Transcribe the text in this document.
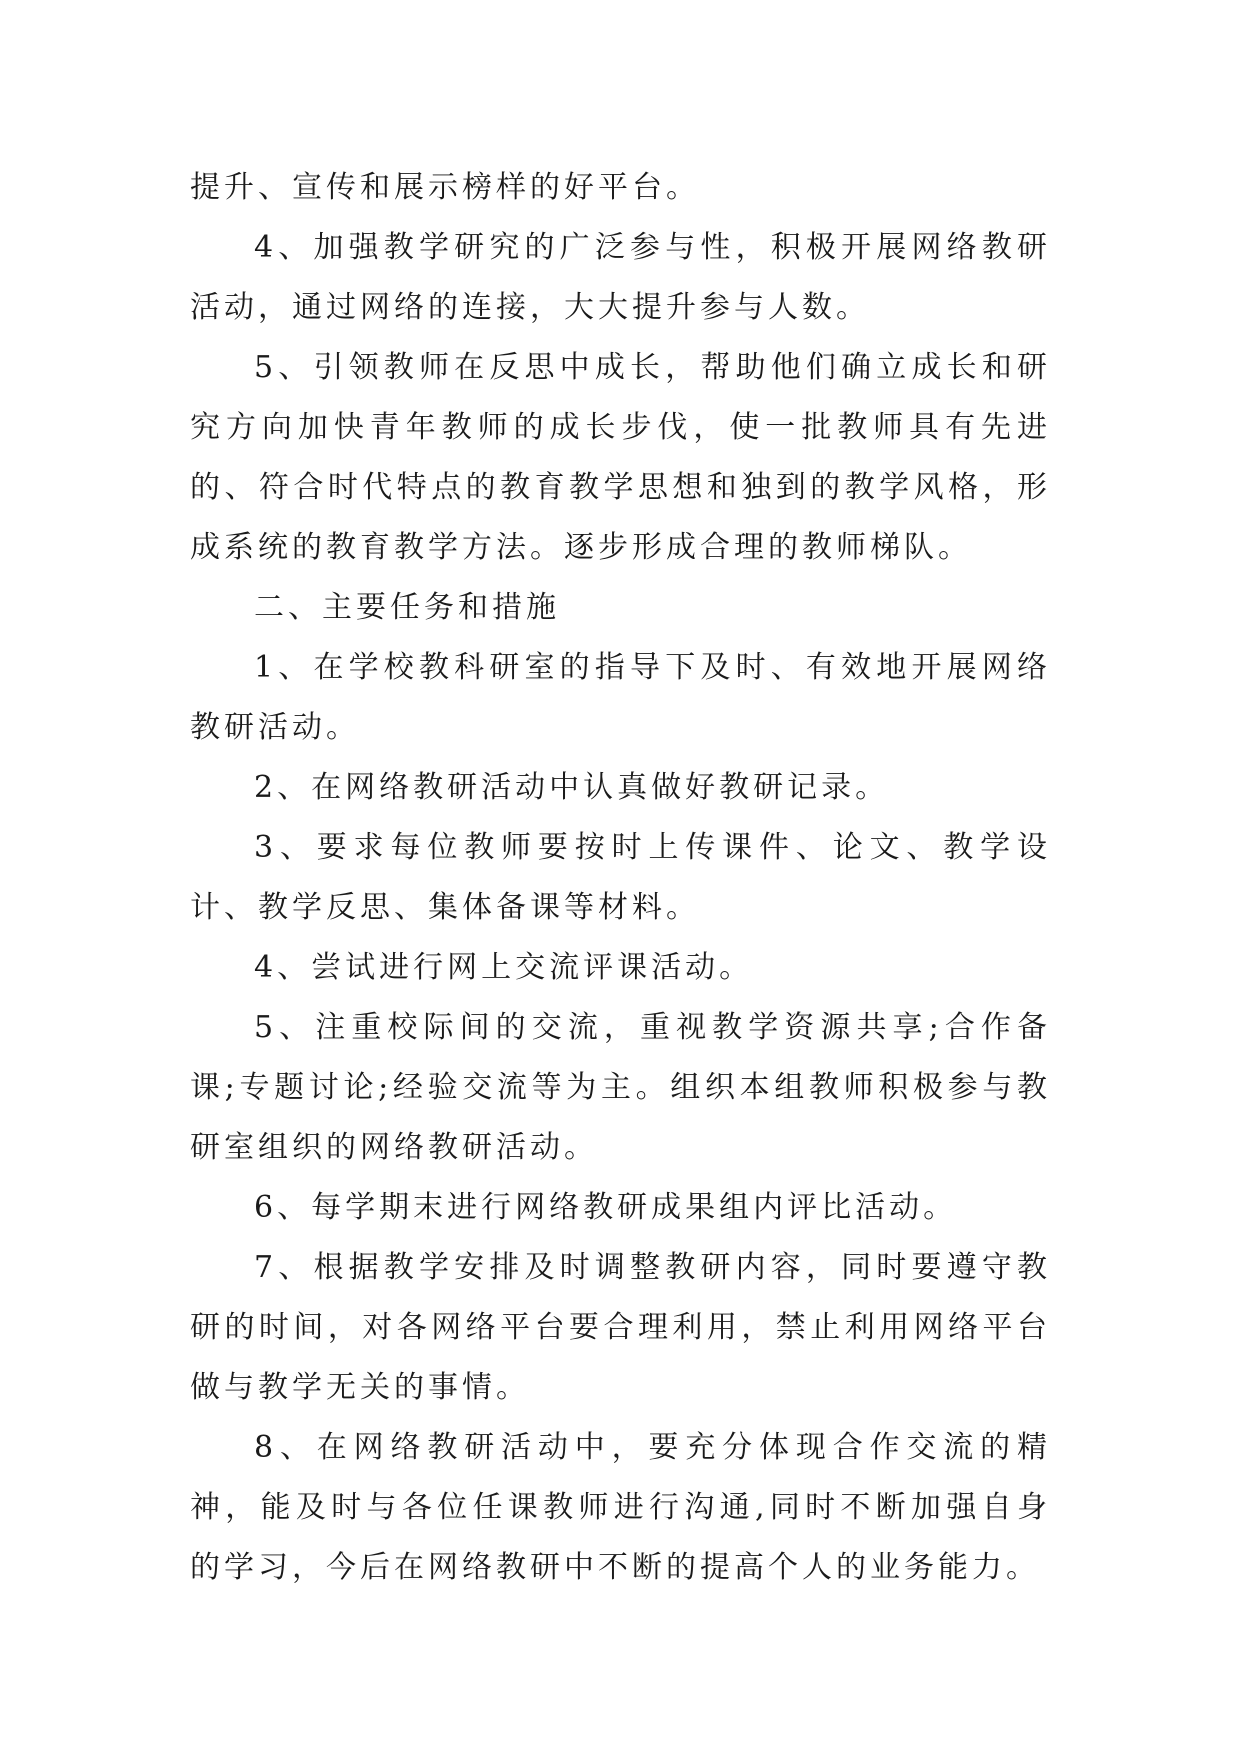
提升、宣传和展示榜样的好平台。

4、加强教学研究的广泛参与性，积极开展网络教研活动，通过网络的连接，大大提升参与人数。

5、引领教师在反思中成长，帮助他们确立成长和研究方向加快青年教师的成长步伐，使一批教师具有先进的、符合时代特点的教育教学思想和独到的教学风格，形成系统的教育教学方法。逐步形成合理的教师梯队。

二、主要任务和措施

1、在学校教科研室的指导下及时、有效地开展网络教研活动。

2、在网络教研活动中认真做好教研记录。

3、要求每位教师要按时上传课件、论文、教学设计、教学反思、集体备课等材料。

4、尝试进行网上交流评课活动。

5、注重校际间的交流，重视教学资源共享;合作备课;专题讨论;经验交流等为主。组织本组教师积极参与教研室组织的网络教研活动。

6、每学期末进行网络教研成果组内评比活动。

7、根据教学安排及时调整教研内容，同时要遵守教研的时间，对各网络平台要合理利用，禁止利用网络平台做与教学无关的事情。

8、在网络教研活动中，要充分体现合作交流的精神，能及时与各位任课教师进行沟通,同时不断加强自身的学习，今后在网络教研中不断的提高个人的业务能力。
